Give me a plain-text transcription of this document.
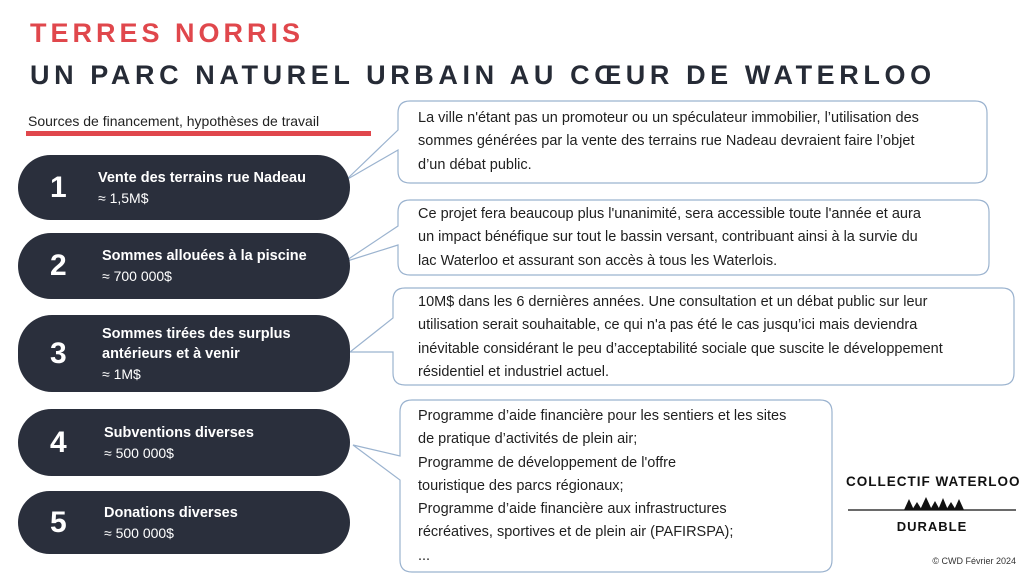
TERRES NORRIS
UN PARC NATUREL URBAIN AU CŒUR DE WATERLOO
Sources de financement, hypothèses de travail
1 Vente des terrains rue Nadeau
≈ 1,5M$
2 Sommes allouées à la piscine
≈ 700 000$
3
Sommes tirées des surplus
antérieurs et à venir
≈ 1M$
4	Subventions diverses
≈ 500 000$
5	Donations diverses
≈ 500 000$
La ville n'étant pas un promoteur ou un spéculateur immobilier, l’utilisation des
sommes générées par la vente des terrains rue Nadeau devraient faire l’objet
d’un débat public.
Ce projet fera beaucoup plus l'unanimité, sera accessible toute l'année et aura
un impact bénéfique sur tout le bassin versant, contribuant ainsi à la survie du
lac Waterloo et assurant son accès à tous les Waterlois.
10M$ dans les 6 dernières années. Une consultation et un débat public sur leur
utilisation serait souhaitable, ce qui n'a pas été le cas jusqu’ici mais deviendra
inévitable considérant le peu d’acceptabilité sociale que suscite le développement
résidentiel et industriel actuel.
Programme d’aide financière pour les sentiers et les sites
de pratique d’activités de plein air;
Programme de développement de l'offre
touristique des parcs régionaux;
Programme d’aide financière aux infrastructures
récréatives, sportives et de plein air (PAFIRSPA);
...
COLLECTIF WATERLOO
DURABLE
© CWD Février 2024
